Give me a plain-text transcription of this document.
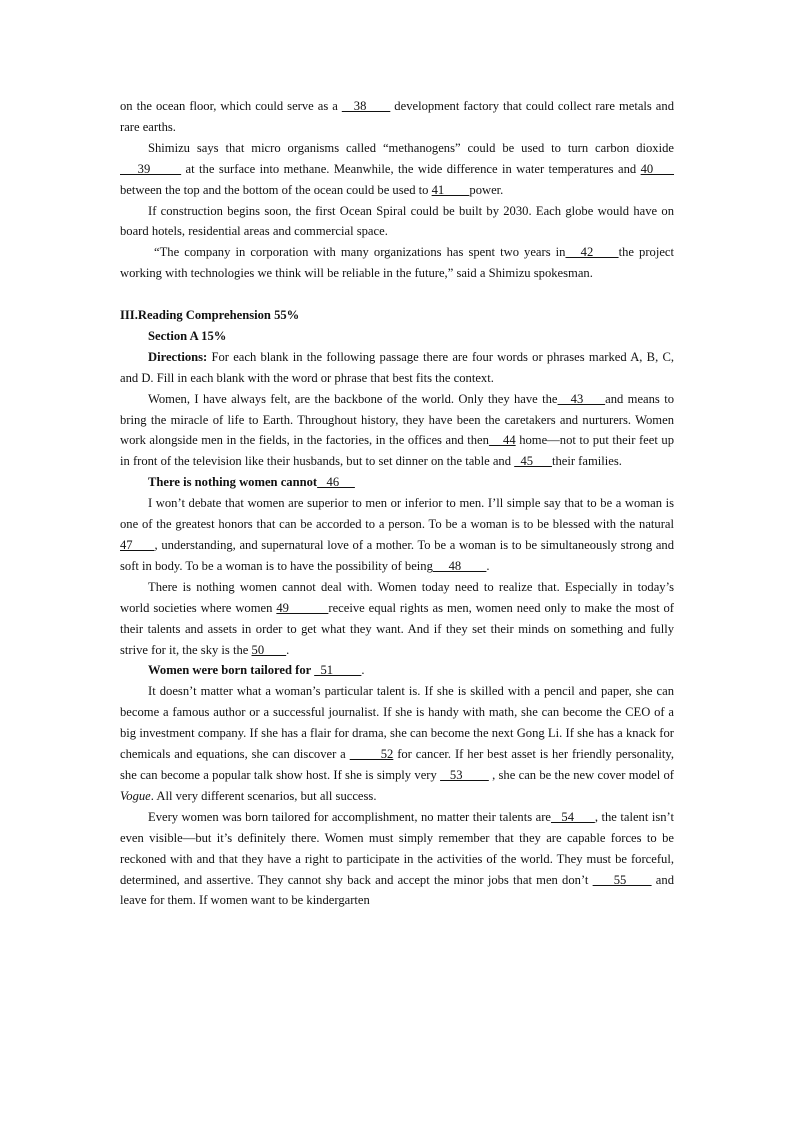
on the ocean floor, which could serve as a    38       development factory that could collect rare metals and rare earths.

Shimizu says that micro organisms called “methanogens” could be used to turn carbon dioxide     39        at the surface into methane. Meanwhile, the wide difference in water temperatures and 40      between the top and the bottom of the ocean could be used to 41        power.

If construction begins soon, the first Ocean Spiral could be built by 2030. Each globe would have on board hotels, residential areas and commercial space.

“The company in corporation with many organizations has spent two years in   42     the project working with technologies we think will be reliable in the future,” said a Shimizu spokesman.

III.Reading Comprehension 55%

Section A 15%

Directions: For each blank in the following passage there are four words or phrases marked A, B, C, and D. Fill in each blank with the word or phrase that best fits the context.

Women, I have always felt, are the backbone of the world. Only they have the   43     and means to bring the miracle of life to Earth. Throughout history, they have been the caretakers and nurturers. Women work alongside men in the fields, in the factories, in the offices and then    44 home—not to put their feet up in front of the television like their husbands, but to set dinner on the table and   45      their families.

There is nothing women cannot   46

I won’t debate that women are superior to men or inferior to men. I’ll simple say that to be a woman is one of the greatest honors that can be accorded to a person. To be a woman is to be blessed with the natural 47      , understanding, and supernatural love of a mother. To be a woman is to be simultaneously strong and soft in body. To be a woman is to have the possibility of being     48        .

There is nothing women cannot deal with. Women today need to realize that. Especially in today’s world societies where women 49          receive equal rights as men, women need only to make the most of their talents and assets in order to get what they want. And if they set their minds on something and fully strive for it, the sky is the 50       .

Women were born tailored for   51         .

It doesn’t matter what a woman’s particular talent is. If she is skilled with a pencil and paper, she can become a famous author or a successful journalist. If she is handy with math, she can become the CEO of a big investment company. If she has a flair for drama, she can become the next Gong Li. If she has a knack for chemicals and equations, she can discover a         52 for cancer. If her best asset is her friendly personality, she can become a popular talk show host. If she is simply very    53         , she can be the new cover model of Vogue. All very different scenarios, but all success.

Every women was born tailored for accomplishment, no matter their talents are   54      , the talent isn’t even visible—but it’s definitely there. Women must simply remember that they are capable forces to be reckoned with and that they have a right to participate in the activities of the world. They must be forceful, determined, and assertive. They cannot shy back and accept the minor jobs that men don’t      55       and leave for them. If women want to be kindergarten
